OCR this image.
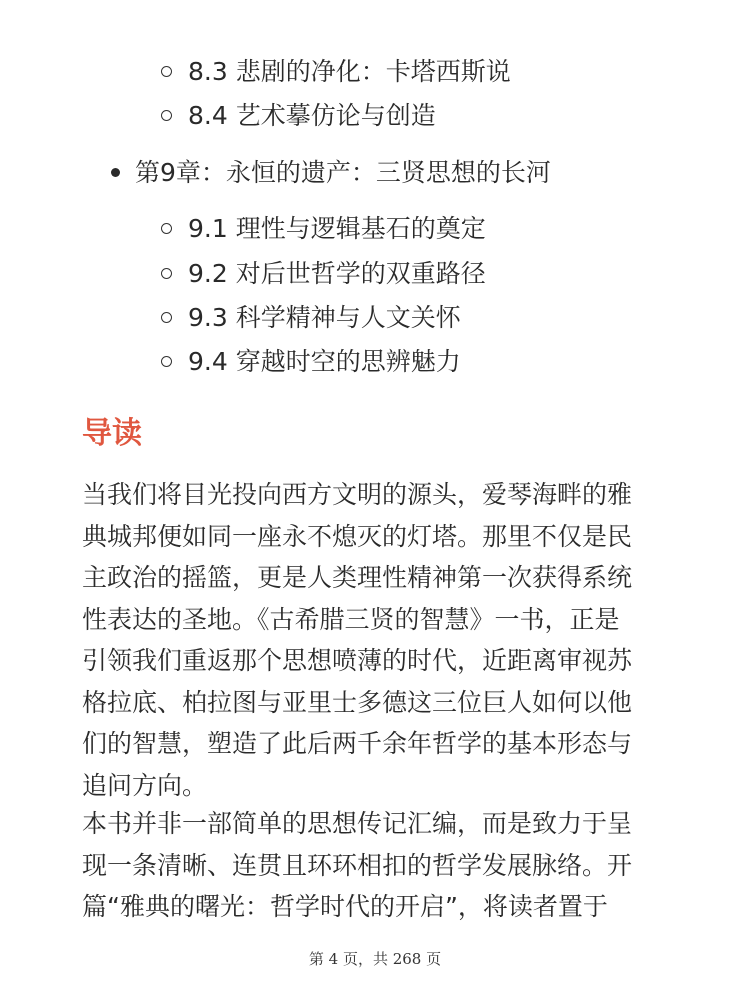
8.3 悲剧的净化：卡塔西斯说
8.4 艺术摹仿论与创造
第9章：永恒的遗产：三贤思想的长河
9.1 理性与逻辑基石的奠定
9.2 对后世哲学的双重路径
9.3 科学精神与人文关怀
9.4 穿越时空的思辨魅力
导读
当我们将目光投向西方文明的源头，爱琴海畔的雅
典城邦便如同一座永不熄灭的灯塔。那里不仅是民
主政治的摇篮，更是人类理性精神第一次获得系统
性表达的圣地。《古希腊三贤的智慧》一书，正是
引领我们重返那个思想喷薄的时代，近距离审视苏
格拉底、柏拉图与亚里士多德这三位巨人如何以他
们的智慧，塑造了此后两千余年哲学的基本形态与
追问方向。
本书并非一部简单的思想传记汇编，而是致力于呈
现一条清晰、连贯且环环相扣的哲学发展脉络。开
篇“雅典的曙光：哲学时代的开启”，将读者置于
第 4 页，共 268 页
